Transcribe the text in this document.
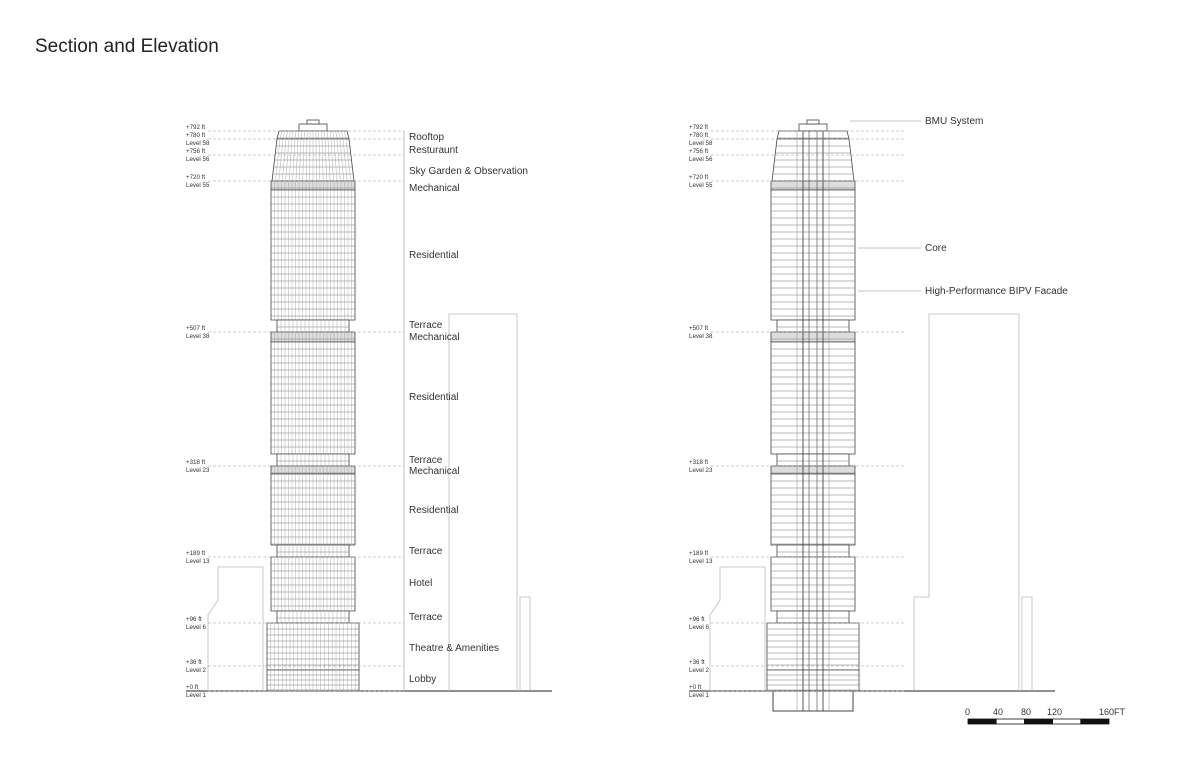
Section and Elevation
+792 ft
+780 ft
Level 58
+756 ft
Level 56
+720 ft
Level 55
+507 ft
Level 38
+318 ft
Level 23
+189 ft
Level 13
+96 ft
Level 6
+36 ft
Level 2
+0 ft
Level 1
+792 ft
+780 ft
Level 58
+756 ft
Level 56
+720 ft
Level 55
+507 ft
Level 38
+318 ft
Level 23
+189 ft
Level 13
+96 ft
Level 6
+36 ft
Level 2
+0 ft
Level 1
Rooftop
Resturaunt
Sky Garden & Observation
Mechanical
Residential
Terrace
Mechanical
Residential
Terrace
Mechanical
Residential
Terrace
Hotel
Terrace
Theatre & Amenities
Lobby
BMU System
Core
High-Performance BIPV Facade
0	40 80 120	160FT
